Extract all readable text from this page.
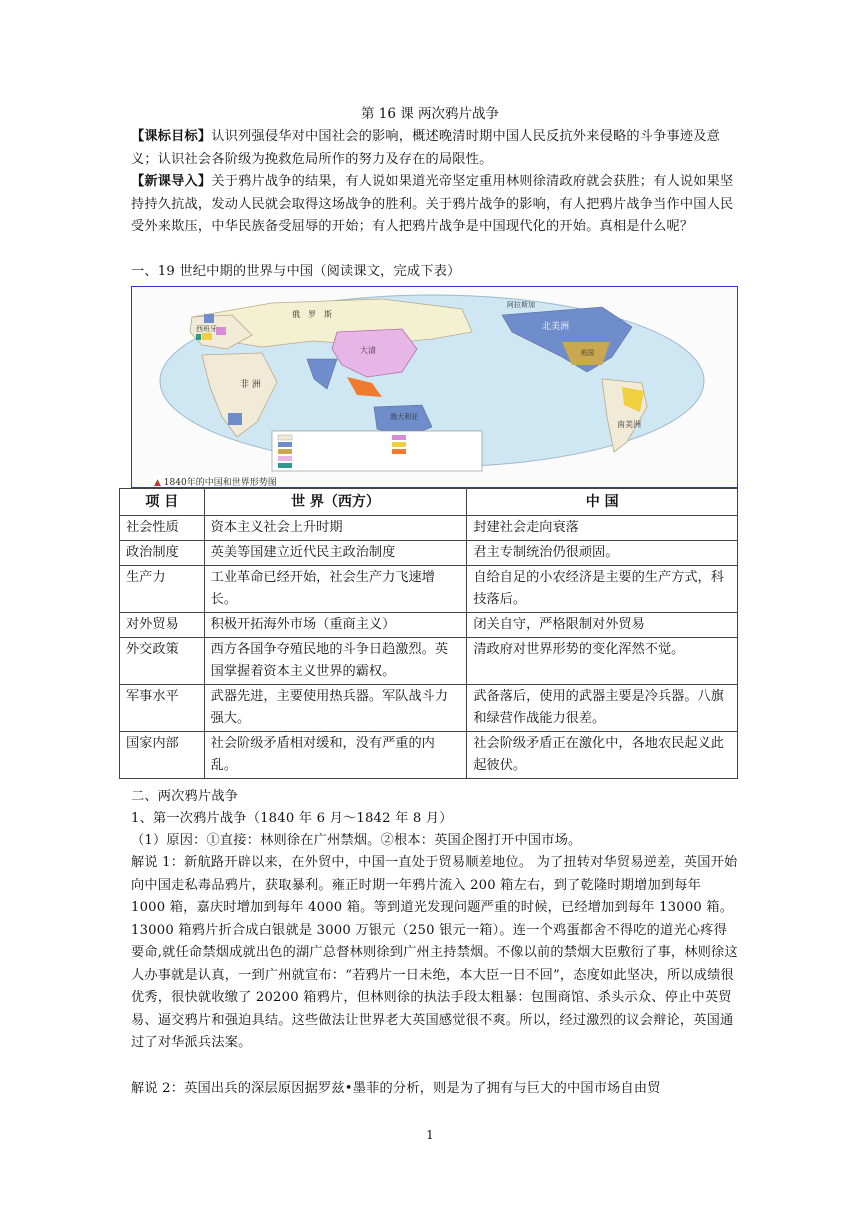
第 16 课 两次鸦片战争

【课标目标】认识列强侵华对中国社会的影响，概述晚清时期中国人民反抗外来侵略的斗争事迹及意义；认识社会各阶级为挽救危局所作的努力及存在的局限性。

【新课导入】关于鸦片战争的结果，有人说如果道光帝坚定重用林则徐清政府就会获胜；有人说如果坚持持久抗战，发动人民就会取得这场战争的胜利。关于鸦片战争的影响，有人把鸦片战争当作中国人民受外来欺压，中华民族备受屈辱的开始；有人把鸦片战争是中国现代化的开始。真相是什么呢？

一、19 世纪中期的世界与中国（阅读课文，完成下表）
西班牙
俄　罗　斯
大清
非 洲
澳大利亚
北美洲
美国
南美洲
阿拉斯加
▲ 1840年的中国和世界形势图
项 目	世 界（西方）	中 国
社会性质	资本主义社会上升时期	封建社会走向衰落
政治制度	英美等国建立近代民主政治制度	君主专制统治仍很顽固。
生产力	工业革命已经开始，社会生产力飞速增长。	自给自足的小农经济是主要的生产方式，科技落后。
对外贸易	积极开拓海外市场（重商主义）	闭关自守，严格限制对外贸易
外交政策	西方各国争夺殖民地的斗争日趋激烈。英国掌握着资本主义世界的霸权。	清政府对世界形势的变化浑然不觉。
军事水平	武器先进，主要使用热兵器。军队战斗力强大。	武备落后，使用的武器主要是冷兵器。八旗和绿营作战能力很差。
国家内部	社会阶级矛盾相对缓和，没有严重的内乱。	社会阶级矛盾正在激化中，各地农民起义此起彼伏。
二、两次鸦片战争
1、第一次鸦片战争（1840 年 6 月～1842 年 8 月）
（1）原因：①直接：林则徐在广州禁烟。②根本：英国企图打开中国市场。
解说 1：新航路开辟以来，在外贸中，中国一直处于贸易顺差地位。 为了扭转对华贸易逆差，英国开始向中国走私毒品鸦片，获取暴利。雍正时期一年鸦片流入 200 箱左右，到了乾隆时期增加到每年 1000 箱，嘉庆时增加到每年 4000 箱。等到道光发现问题严重的时候，已经增加到每年 13000 箱。13000 箱鸦片折合成白银就是 3000 万银元（250 银元一箱）。连一个鸡蛋都舍不得吃的道光心疼得要命,就任命禁烟成就出色的湖广总督林则徐到广州主持禁烟。不像以前的禁烟大臣敷衍了事，林则徐这人办事就是认真，一到广州就宣布：“若鸦片一日未绝，本大臣一日不回”，态度如此坚决，所以成绩很优秀，很快就收缴了 20200 箱鸦片，但林则徐的执法手段太粗暴：包围商馆、杀头示众、停止中英贸易、逼交鸦片和强迫具结。这些做法让世界老大英国感觉很不爽。所以，经过激烈的议会辩论，英国通过了对华派兵法案。
解说 2：英国出兵的深层原因据罗兹•墨菲的分析，则是为了拥有与巨大的中国市场自由贸
1
